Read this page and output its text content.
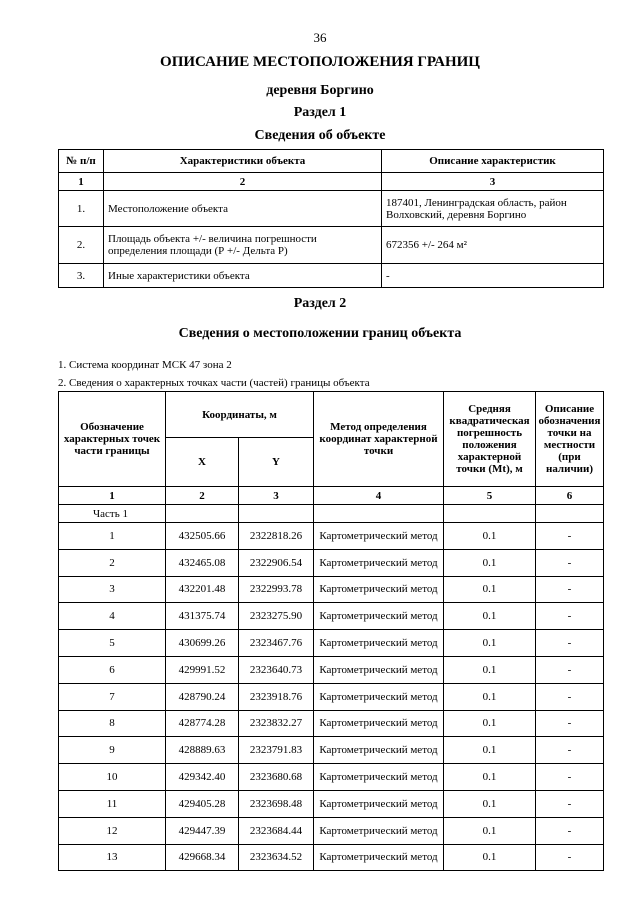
36
ОПИСАНИЕ МЕСТОПОЛОЖЕНИЯ ГРАНИЦ
деревня Боргино
Раздел 1
Сведения об объекте
№ п/п	Характеристики объекта	Описание характеристик
1	2	3
1.	Местоположение объекта	187401, Ленинградская область, район Волховский, деревня Боргино
2.	Площадь объекта +/- величина погрешности определения площади (Р +/- Дельта Р)	672356 +/- 264 м²
3.	Иные характеристики объекта	-
Раздел 2
Сведения о местоположении границ объекта
1. Система координат МСК 47 зона 2
2. Сведения о характерных точках части (частей) границы объекта
Обозначение характерных точек части границы	Координаты, м		Метод определения координат характерной точки	Средняя квадратическая погрешность положения характерной точки (Mt), м	Описание обозначения точки на местности (при наличии)
	X	Y			
1	2	3	4	5	6
Часть 1					
1	432505.66	2322818.26	Картометрический метод	0.1	-
2	432465.08	2322906.54	Картометрический метод	0.1	-
3	432201.48	2322993.78	Картометрический метод	0.1	-
4	431375.74	2323275.90	Картометрический метод	0.1	-
5	430699.26	2323467.76	Картометрический метод	0.1	-
6	429991.52	2323640.73	Картометрический метод	0.1	-
7	428790.24	2323918.76	Картометрический метод	0.1	-
8	428774.28	2323832.27	Картометрический метод	0.1	-
9	428889.63	2323791.83	Картометрический метод	0.1	-
10	429342.40	2323680.68	Картометрический метод	0.1	-
11	429405.28	2323698.48	Картометрический метод	0.1	-
12	429447.39	2323684.44	Картометрический метод	0.1	-
13	429668.34	2323634.52	Картометрический метод	0.1	-
